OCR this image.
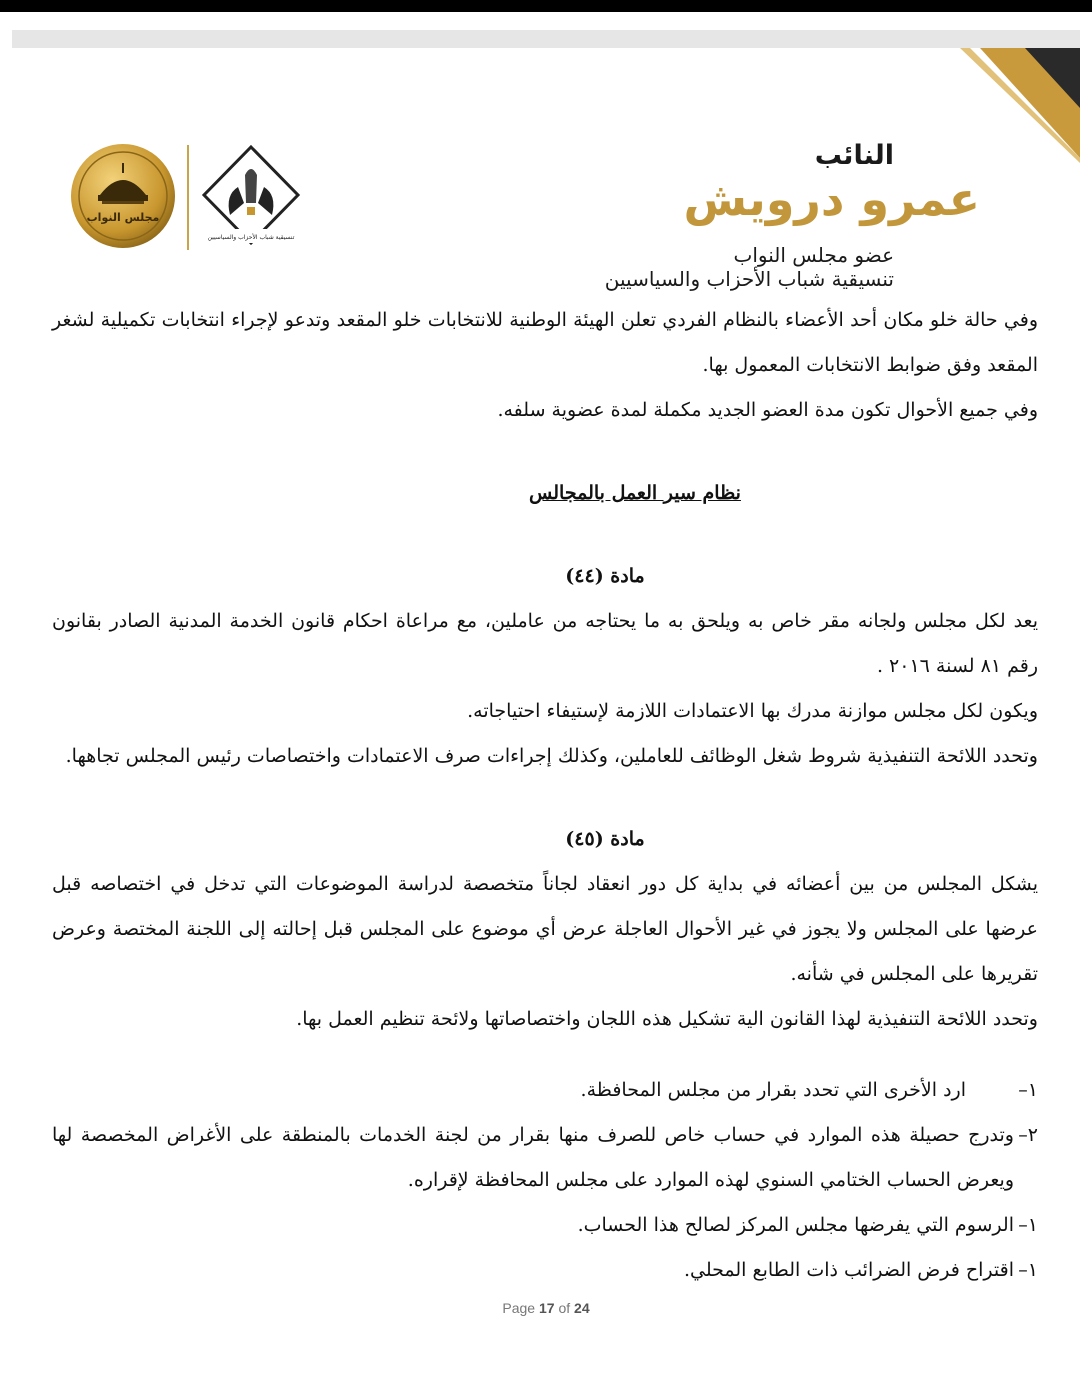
مجلس النواب
تنسيقية شباب الأحزاب والسياسيين
النائب
عمرو درويش
عضو مجلس النواب
تنسيقية شباب الأحزاب والسياسيين

وفي حالة خلو مكان أحد الأعضاء بالنظام الفردي تعلن الهيئة الوطنية للانتخابات خلو المقعد وتدعو لإجراء انتخابات تكميلية لشغر المقعد وفق ضوابط الانتخابات المعمول بها.

وفي جميع الأحوال تكون مدة العضو الجديد مكملة لمدة عضوية سلفه.

نظام سير العمل بالمجالس

مادة (٤٤)

يعد لكل مجلس ولجانه مقر خاص به ويلحق به ما يحتاجه من عاملين، مع مراعاة احكام قانون الخدمة المدنية الصادر بقانون رقم ٨١ لسنة ٢٠١٦ .

ويكون لكل مجلس موازنة مدرك بها الاعتمادات اللازمة لإستيفاء احتياجاته.

وتحدد اللائحة التنفيذية شروط شغل الوظائف للعاملين، وكذلك إجراءات صرف الاعتمادات واختصاصات رئيس المجلس تجاهها.

مادة (٤٥)

يشكل المجلس من بين أعضائه في بداية كل دور انعقاد لجاناً متخصصة لدراسة الموضوعات التي تدخل في اختصاصه قبل عرضها على المجلس ولا يجوز في غير الأحوال العاجلة عرض أي موضوع على المجلس قبل إحالته إلى اللجنة المختصة وعرض تقريرها على المجلس في شأنه.

وتحدد اللائحة التنفيذية لهذا القانون الية تشكيل هذه اللجان واختصاصاتها ولائحة تنظيم العمل بها.

١–
ارد الأخرى التي تحدد بقرار من مجلس المحافظة.

٢–
وتدرج حصيلة هذه الموارد في حساب خاص للصرف منها بقرار من لجنة الخدمات بالمنطقة على الأغراض المخصصة لها ويعرض الحساب الختامي السنوي لهذه الموارد على مجلس المحافظة لإقراره.

١–
الرسوم التي يفرضها مجلس المركز لصالح هذا الحساب.

١–
اقتراح فرض الضرائب ذات الطابع المحلي.

Page 17 of 24
